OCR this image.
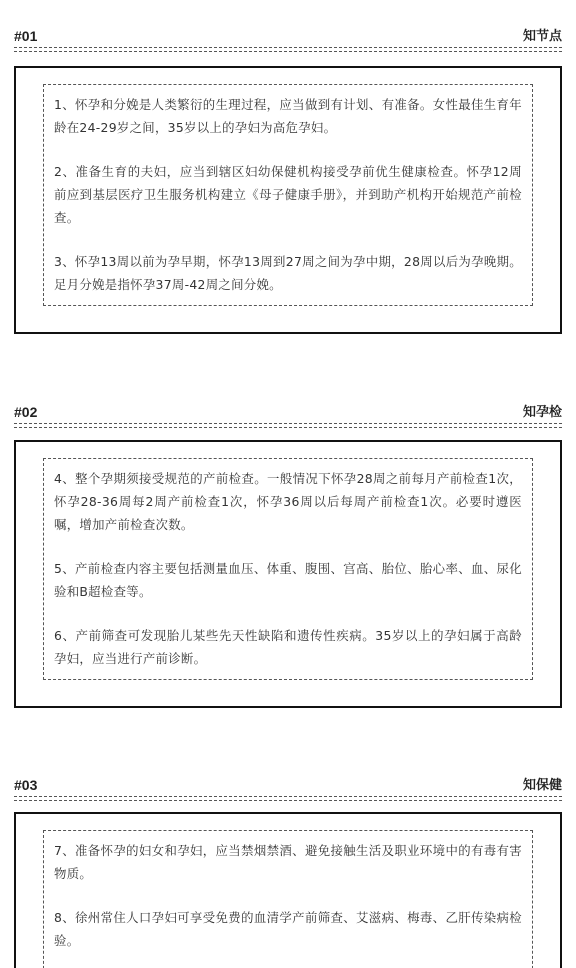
#01	知节点

1、怀孕和分娩是人类繁衍的生理过程，应当做到有计划、有准备。女性最佳生育年龄在24-29岁之间，35岁以上的孕妇为高危孕妇。

2、准备生育的夫妇，应当到辖区妇幼保健机构接受孕前优生健康检查。怀孕12周前应到基层医疗卫生服务机构建立《母子健康手册》，并到助产机构开始规范产前检查。

3、怀孕13周以前为孕早期，怀孕13周到27周之间为孕中期，28周以后为孕晚期。足月分娩是指怀孕37周-42周之间分娩。

#02	知孕检

4、整个孕期须接受规范的产前检查。一般情况下怀孕28周之前每月产前检查1次，怀孕28-36周每2周产前检查1次，怀孕36周以后每周产前检查1次。必要时遵医嘱，增加产前检查次数。

5、产前检查内容主要包括测量血压、体重、腹围、宫高、胎位、胎心率、血、尿化验和B超检查等。

6、产前筛查可发现胎儿某些先天性缺陷和遗传性疾病。35岁以上的孕妇属于高龄孕妇，应当进行产前诊断。

#03	知保健

7、准备怀孕的妇女和孕妇，应当禁烟禁酒、避免接触生活及职业环境中的有毒有害物质。

8、徐州常住人口孕妇可享受免费的血清学产前筛查、艾滋病、梅毒、乙肝传染病检验。
